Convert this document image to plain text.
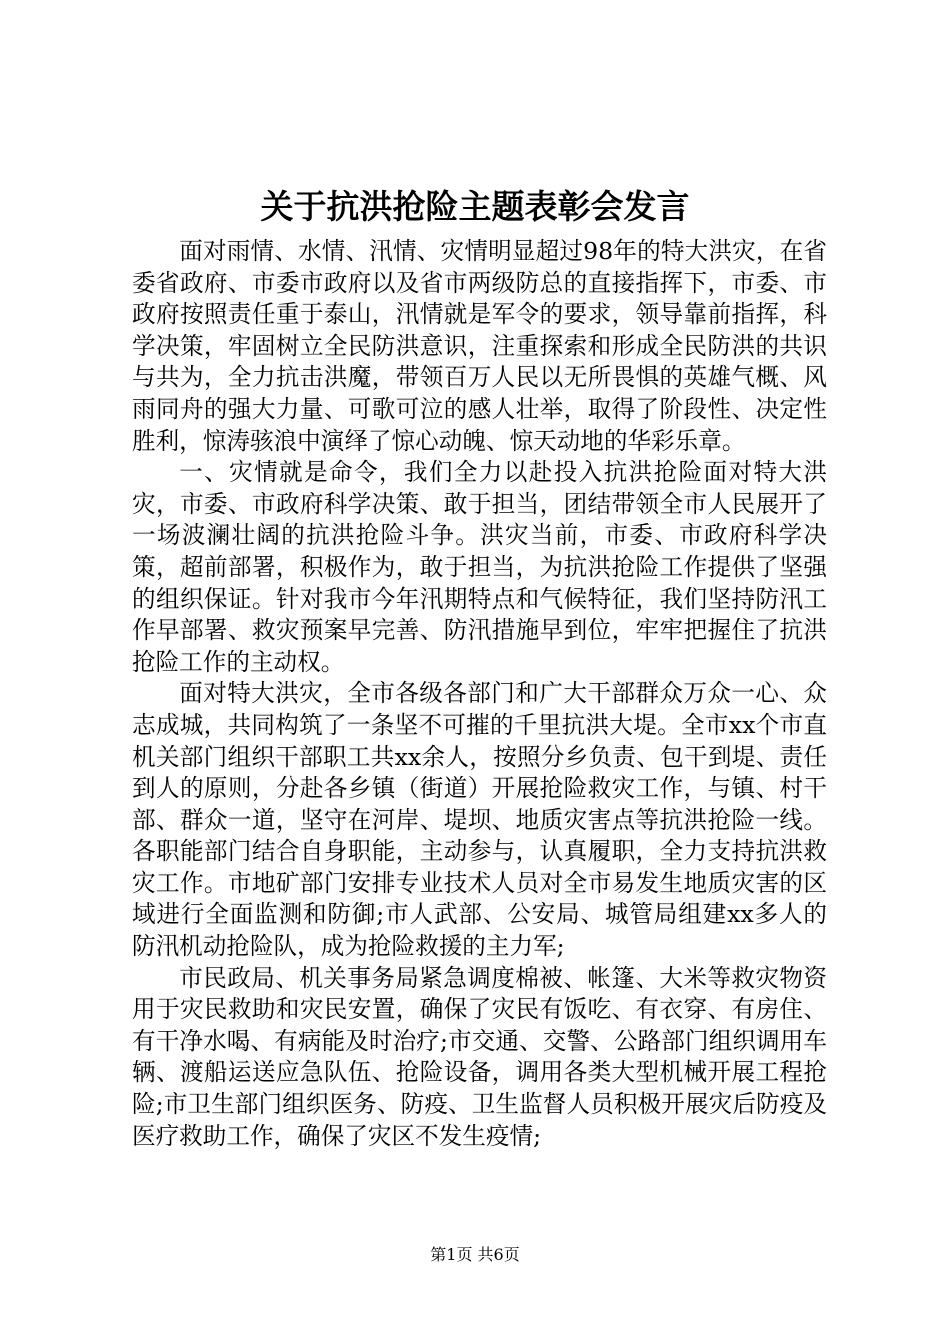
关于抗洪抢险主题表彰会发言

面对雨情、水情、汛情、灾情明显超过98年的特大洪灾，在省委省政府、市委市政府以及省市两级防总的直接指挥下，市委、市政府按照责任重于泰山，汛情就是军令的要求，领导靠前指挥，科学决策，牢固树立全民防洪意识，注重探索和形成全民防洪的共识与共为，全力抗击洪魔，带领百万人民以无所畏惧的英雄气概、风雨同舟的强大力量、可歌可泣的感人壮举，取得了阶段性、决定性胜利，惊涛骇浪中演绎了惊心动魄、惊天动地的华彩乐章。

一、灾情就是命令，我们全力以赴投入抗洪抢险面对特大洪灾，市委、市政府科学决策、敢于担当，团结带领全市人民展开了一场波澜壮阔的抗洪抢险斗争。洪灾当前，市委、市政府科学决策，超前部署，积极作为，敢于担当，为抗洪抢险工作提供了坚强的组织保证。针对我市今年汛期特点和气候特征，我们坚持防汛工作早部署、救灾预案早完善、防汛措施早到位，牢牢把握住了抗洪抢险工作的主动权。

面对特大洪灾，全市各级各部门和广大干部群众万众一心、众志成城，共同构筑了一条坚不可摧的千里抗洪大堤。全市xx个市直机关部门组织干部职工共xx余人，按照分乡负责、包干到堤、责任到人的原则，分赴各乡镇（街道）开展抢险救灾工作，与镇、村干部、群众一道，坚守在河岸、堤坝、地质灾害点等抗洪抢险一线。各职能部门结合自身职能，主动参与，认真履职，全力支持抗洪救灾工作。市地矿部门安排专业技术人员对全市易发生地质灾害的区域进行全面监测和防御;市人武部、公安局、城管局组建xx多人的防汛机动抢险队，成为抢险救援的主力军;

市民政局、机关事务局紧急调度棉被、帐篷、大米等救灾物资用于灾民救助和灾民安置，确保了灾民有饭吃、有衣穿、有房住、有干净水喝、有病能及时治疗;市交通、交警、公路部门组织调用车辆、渡船运送应急队伍、抢险设备，调用各类大型机械开展工程抢险;市卫生部门组织医务、防疫、卫生监督人员积极开展灾后防疫及医疗救助工作，确保了灾区不发生疫情;

第1页 共6页
